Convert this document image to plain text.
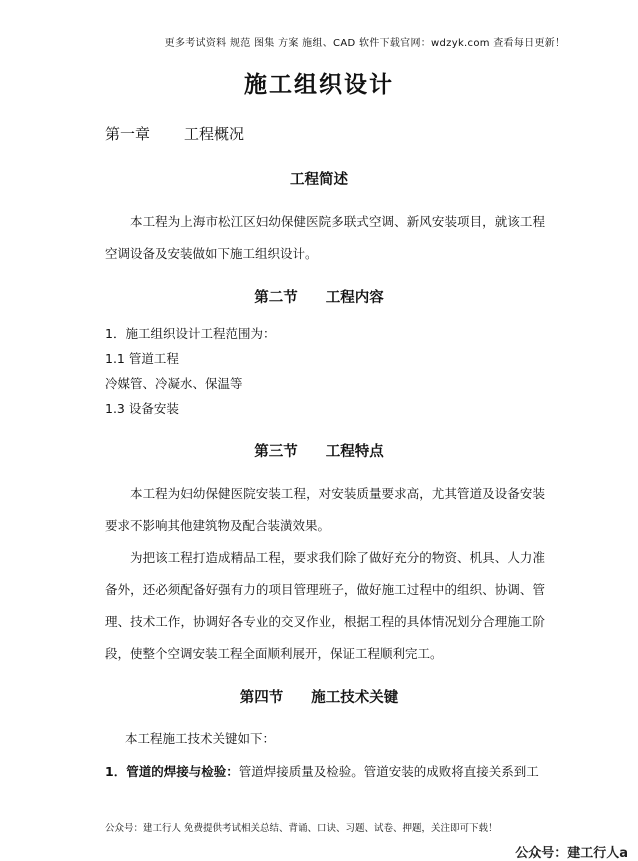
更多考试资料 规范 图集 方案 施组、CAD 软件下载官网：wdzyk.com 查看每日更新！
施工组织设计
第一章 工程概况
工程简述
本工程为上海市松江区妇幼保健医院多联式空调、新风安装项目，就该工程空调设备及安装做如下施工组织设计。
第二节 工程内容
1．施工组织设计工程范围为：
1.1 管道工程
冷媒管、冷凝水、保温等
1.3 设备安装
第三节 工程特点
本工程为妇幼保健医院安装工程，对安装质量要求高，尤其管道及设备安装要求不影响其他建筑物及配合装潢效果。
为把该工程打造成精品工程，要求我们除了做好充分的物资、机具、人力准备外，还必须配备好强有力的项目管理班子，做好施工过程中的组织、协调、管理、技术工作，协调好各专业的交叉作业，根据工程的具体情况划分合理施工阶段，使整个空调安装工程全面顺利展开，保证工程顺利完工。
第四节 施工技术关键
本工程施工技术关键如下：
1．管道的焊接与检验：管道焊接质量及检验。管道安装的成败将直接关系到工
公众号：建工行人 免费提供考试相关总结、背诵、口诀、习题、试卷、押题，关注即可下载！
公众号：建工行人a
